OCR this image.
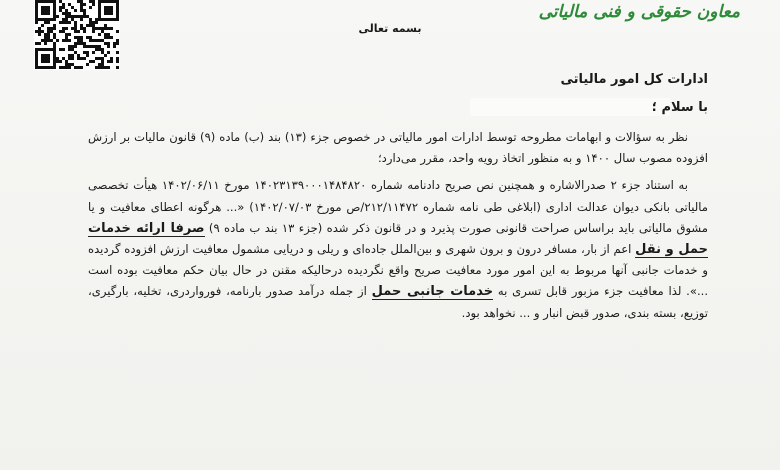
بسمه تعالی
معاون حقوقی و فنی مالیاتی
ادارات کل امور مالیاتی
با سلام ؛

نظر به سؤالات و ابهامات مطروحه توسط ادارات امور مالیاتی در خصوص جزء (۱۳) بند (ب) ماده (۹) قانون مالیات بر ارزش افزوده مصوب سال ۱۴۰۰ و به منظور اتخاذ رویه واحد، مقرر می‌دارد؛

به استناد جزء ۲ صدرالاشاره و همچنین نص صریح دادنامه شماره ۱۴۰۲۳۱۳۹۰۰۰۱۴۸۴۸۲۰ مورخ ۱۴۰۲/۰۶/۱۱ هیأت تخصصی مالیاتی بانکی دیوان عدالت اداری (ابلاغی طی نامه شماره ۲۱۲/۱۱۴۷۲/ص مورخ ۱۴۰۲/۰۷/۰۳) «... هرگونه اعطای معافیت و یا مشوق مالیاتی باید براساس صراحت قانونی صورت پذیرد و در قانون ذکر شده (جزء ۱۳ بند ب ماده ۹) صرفا ارائه خدمات حمل و نقل اعم از بار، مسافر درون و برون شهری و بین‌الملل جاده‌ای و ریلی و دریایی مشمول معافیت ارزش افزوده گردیده و خدمات جانبی آنها مربوط به این امور مورد معافیت صریح واقع نگردیده درحالیکه مقنن در حال بیان حکم معافیت بوده است ...». لذا معافیت جزء مزبور قابل تسری به خدمات جانبی حمل از جمله درآمد صدور بارنامه، فورواردری، تخلیه، بارگیری، توزیع، بسته بندی، صدور قبض انبار و ... نخواهد بود.
